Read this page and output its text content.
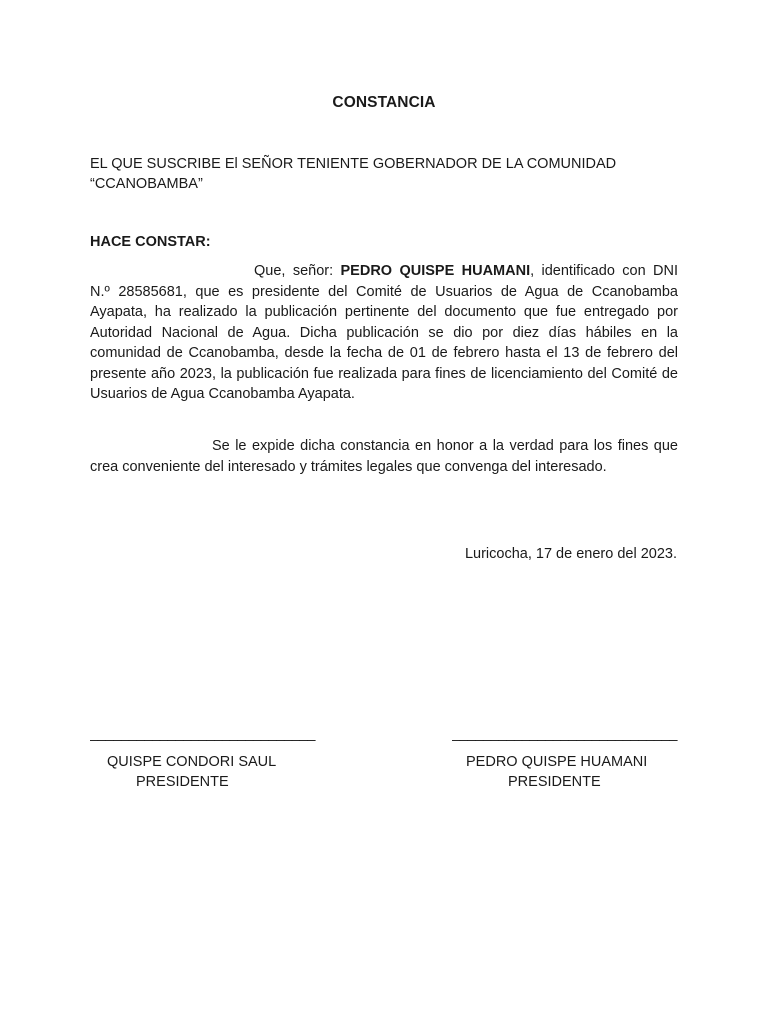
CONSTANCIA
EL QUE SUSCRIBE El SEÑOR TENIENTE GOBERNADOR DE LA COMUNIDAD
“CCANOBAMBA”
HACE CONSTAR:

Que, señor: PEDRO QUISPE HUAMANI, identificado con DNI N.º 28585681, que es presidente del Comité de Usuarios de Agua de Ccanobamba Ayapata, ha realizado la publicación pertinente del documento que fue entregado por Autoridad Nacional de Agua. Dicha publicación se dio por diez días hábiles en la comunidad de Ccanobamba, desde la fecha de 01 de febrero hasta el 13 de febrero del presente año 2023, la publicación fue realizada para fines de licenciamiento del Comité de Usuarios de Agua Ccanobamba Ayapata.

Se le expide dicha constancia en honor a la verdad para los fines que crea conveniente del interesado y trámites legales que convenga del interesado.

Luricocha, 17 de enero del 2023.
_____________________________
QUISPE CONDORI SAUL
PRESIDENTE
_____________________________
PEDRO QUISPE HUAMANI
PRESIDENTE
